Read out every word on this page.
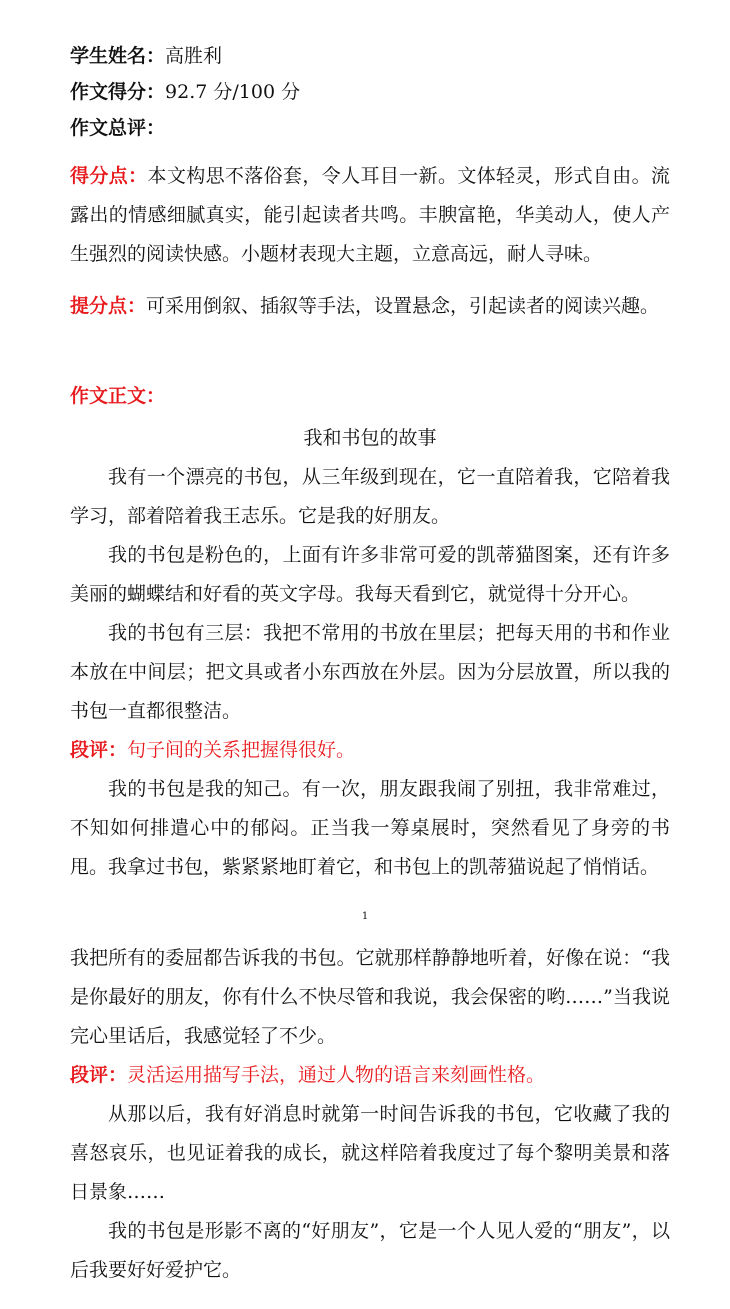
学生姓名：高胜利
作文得分：92.7 分/100 分
作文总评：
得分点：本文构思不落俗套，令人耳目一新。文体轻灵，形式自由。流露出的情感细腻真实，能引起读者共鸣。丰腴富艳，华美动人，使人产生强烈的阅读快感。小题材表现大主题，立意高远，耐人寻味。
提分点：可采用倒叙、插叙等手法，设置悬念，引起读者的阅读兴趣。
作文正文：
我和书包的故事
我有一个漂亮的书包，从三年级到现在，它一直陪着我，它陪着我学习，部着陪着我王志乐。它是我的好朋友。
我的书包是粉色的，上面有许多非常可爱的凯蒂猫图案，还有许多美丽的蝴蝶结和好看的英文字母。我每天看到它，就觉得十分开心。
我的书包有三层：我把不常用的书放在里层；把每天用的书和作业本放在中间层；把文具或者小东西放在外层。因为分层放置，所以我的书包一直都很整洁。
段评：句子间的关系把握得很好。
我的书包是我的知己。有一次，朋友跟我闹了别扭，我非常难过，不知如何排遣心中的郁闷。正当我一筹桌展时，突然看见了身旁的书甩。我拿过书包，紫紧紧地盯着它，和书包上的凯蒂猫说起了悄悄话。
1
我把所有的委屈都告诉我的书包。它就那样静静地听着，好像在说：“我是你最好的朋友，你有什么不快尽管和我说，我会保密的哟……”当我说完心里话后，我感觉轻了不少。
段评：灵活运用描写手法，通过人物的语言来刻画性格。
从那以后，我有好消息时就第一时间告诉我的书包，它收藏了我的喜怒哀乐，也见证着我的成长，就这样陪着我度过了每个黎明美景和落日景象……
我的书包是形影不离的“好朋友”，它是一个人见人爱的“朋友”，以后我要好好爱护它。
